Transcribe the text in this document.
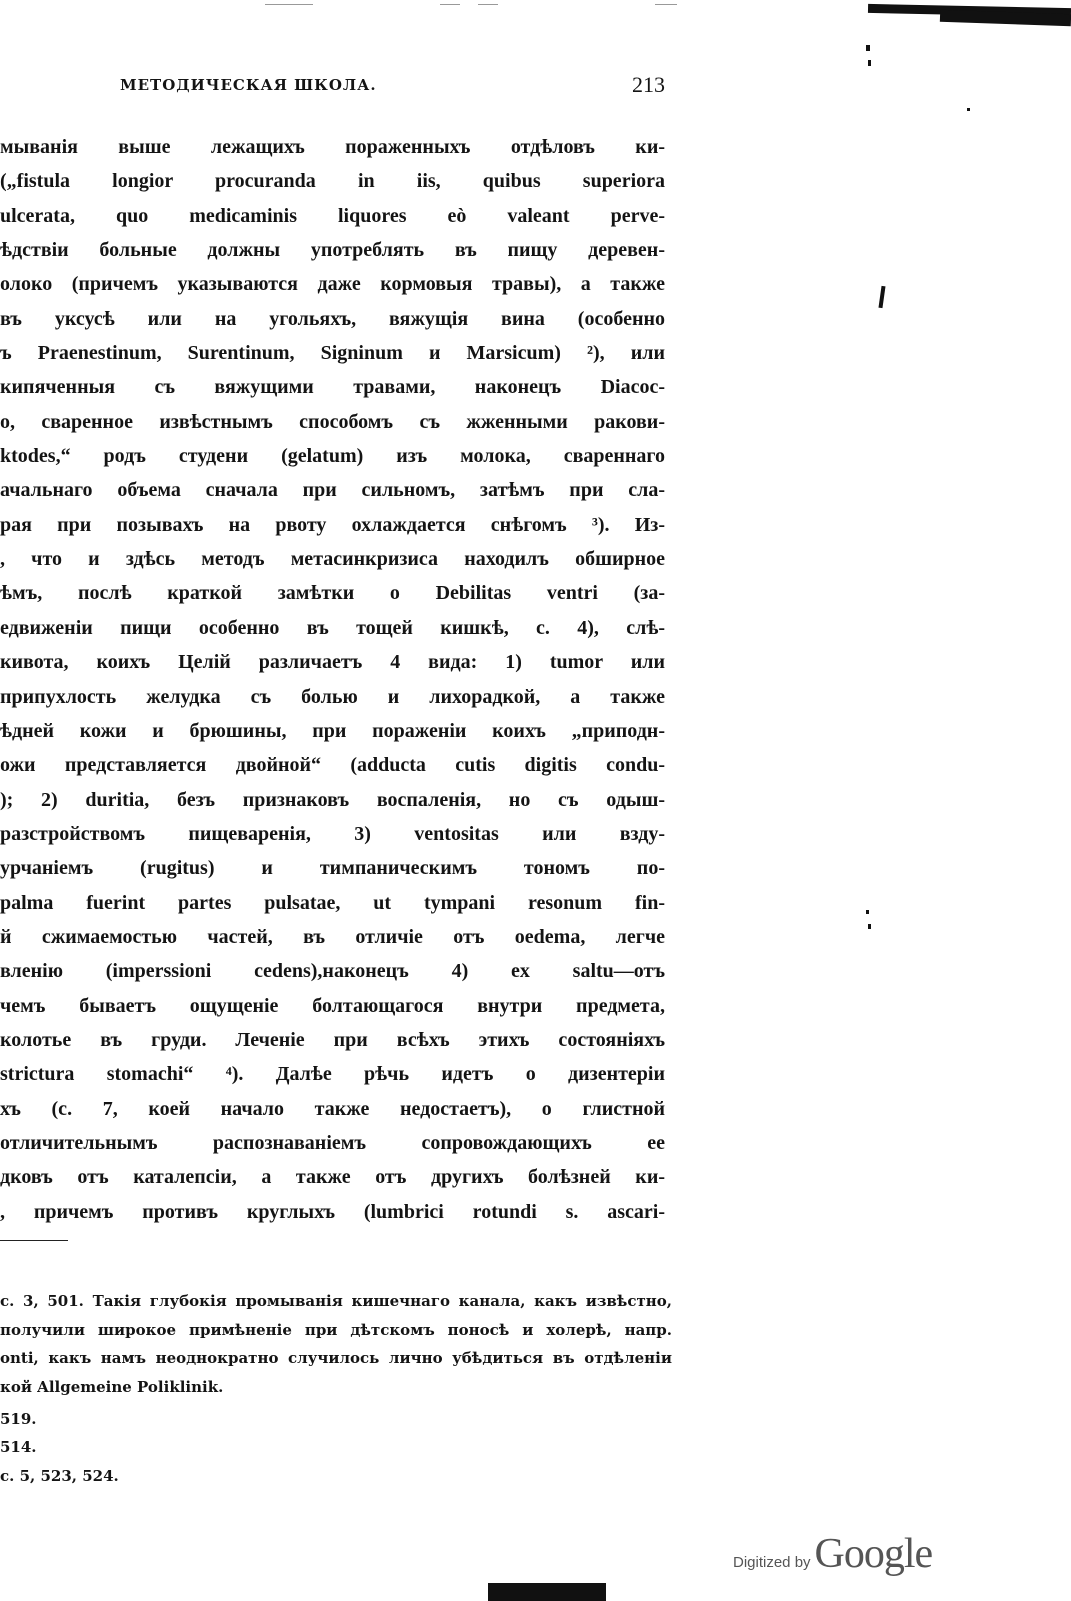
МЕТОДИЧЕСКАЯ ШКОЛА.	213
мыванія выше лежащихъ пораженныхъ отдѣловъ ки-
(„fistula longior procuranda in iis, quibus superiora
ulcerata, quo medicaminis liquores eò valeant perve-
ѣдствіи больные должны употреблять въ пищу деревен-
олоко (причемъ указываются даже кормовыя травы), а также
въ уксусѣ или на угольяхъ, вяжущія вина (особенно
ъ Praenestinum, Surentinum, Signinum и Marsicum) ²), или
кипяченныя съ вяжущими травами, наконецъ Diacoc-
о, сваренное извѣстнымъ способомъ съ жженными ракови-
ktodes,“ родъ студени (gelatum) изъ молока, свареннаго
ачальнаго объема сначала при сильномъ, затѣмъ при сла-
рая при позывахъ на рвоту охлаждается снѣгомъ ³). Из-
, что и здѣсь методъ метасинкризиса находилъ обширное
ѣмъ, послѣ краткой замѣтки о Debilitas ventri (за-
едвиженіи пищи особенно въ тощей кишкѣ, с. 4), слѣ-
кивота, коихъ Целій различаетъ 4 вида: 1) tumor или
припухлость желудка съ болью и лихорадкой, а также
ѣдней кожи и брюшины, при пораженіи коихъ „приподн-
ожи представляется двойной“ (adducta cutis digitis condu-
); 2) duritia, безъ признаковъ воспаленія, но съ одыш-
разстройствомъ пищеваренія, 3) ventositas или взду-
урчаніемъ (rugitus) и тимпаническимъ тономъ по-
palma fuerint partes pulsatae, ut tympani resonum fin-
й сжимаемостью частей, въ отличіе отъ oedema, легче
вленію (imperssioni cedens),наконецъ 4) ex saltu—отъ
чемъ бываетъ ощущеніе болтающагося внутри предмета,
колотье въ груди. Леченіе при всѣхъ этихъ состояніяхъ
strictura stomachi“ ⁴). Далѣе рѣчь идетъ о дизентеріи
хъ (с. 7, коей начало также недостаетъ), о глистной
отличительнымъ распознаваніемъ сопровождающихъ ее
дковъ отъ каталепсіи, а также отъ другихъ болѣзней ки-
, причемъ противъ круглыхъ (lumbrici rotundi s. ascari-
с. 3, 501. Такія глубокія промыванія кишечнаго канала, какъ извѣстно,
получили широкое примѣненіе при дѣтскомъ поносѣ и холерѣ, напр.
onti, какъ намъ неоднократно случилось лично убѣдиться въ отдѣленіи
кой Allgemeine Poliklinik.
519.
514.
с. 5, 523, 524.
Digitized by Google
